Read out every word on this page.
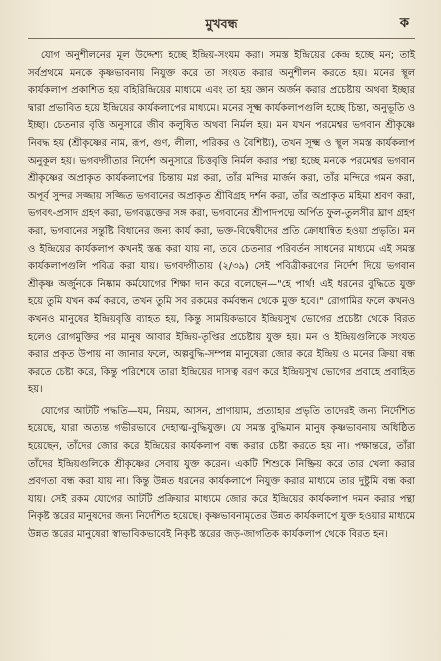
মুখবন্ধ	ক

যোগ অনুশীলনের মূল উদ্দেশ্য হচ্ছে ইন্দ্রিয়-সংযম করা। সমস্ত ইন্দ্রিয়ের কেন্দ্র হচ্ছে মন; তাই সর্বপ্রথমে মনকে কৃষ্ণভাবনায় নিযুক্ত করে তা সংযত করার অনুশীলন করতে হয়। মনের স্থূল কার্যকলাপ প্রকাশিত হয় বহিরিন্দ্রিয়ের মাধ্যমে এবং তা হয় জ্ঞান অর্জন করার প্রচেষ্টায় অথবা ইচ্ছার দ্বারা প্রভাবিত হয়ে ইন্দ্রিয়ের কার্যকলাপের মাধ্যমে। মনের সূক্ষ্ম কার্যকলাপগুলি হচ্ছে চিন্তা, অনুভূতি ও ইচ্ছা। চেতনার বৃত্তি অনুসারে জীব কলুষিত অথবা নির্মল হয়। মন যখন পরমেশ্বর ভগবান শ্রীকৃষ্ণে নিবদ্ধ হয় (শ্রীকৃষ্ণের নাম, রূপ, গুণ, লীলা, পরিকর ও বৈশিষ্ট্য), তখন সূক্ষ্ম ও স্থূল সমস্ত কার্যকলাপ অনুকূল হয়। ভগবদ্গীতার নির্দেশ অনুসারে চিত্তবৃত্তি নির্মল করার পন্থা হচ্ছে মনকে পরমেশ্বর ভগবান শ্রীকৃষ্ণের অপ্রাকৃত কার্যকলাপের চিন্তায় মগ্ন করা, তাঁর মন্দির মার্জন করা, তাঁর মন্দিরে গমন করা, অপূর্ব সুন্দর সজ্জায় সজ্জিত ভগবানের অপ্রাকৃত শ্রীবিগ্রহ দর্শন করা, তাঁর অপ্রাকৃত মহিমা শ্রবণ করা, ভগবৎ-প্রসাদ গ্রহণ করা, ভগবদ্ভক্তের সঙ্গ করা, ভগবানের শ্রীপাদপদ্মে অর্পিত ফুল-তুলসীর ঘ্রাণ গ্রহণ করা, ভগবানের সন্তুষ্টি বিধানের জন্য কার্য করা, ভক্ত-বিদ্বেষীদের প্রতি ক্রোধান্বিত হওয়া প্রভৃতি। মন ও ইন্দ্রিয়ের কার্যকলাপ কখনই স্তব্ধ করা যায় না, তবে চেতনার পরিবর্তন সাধনের মাধ্যমে এই সমস্ত কার্যকলাপগুলি পবিত্র করা যায়। ভগবদ্গীতায় (২/৩৯) সেই পবিত্রীকরণের নির্দেশ দিয়ে ভগবান শ্রীকৃষ্ণ অর্জুনকে নিষ্কাম কর্মযোগের শিক্ষা দান করে বলেছেন—"হে পার্থ! এই ধরনের বুদ্ধিতে যুক্ত হয়ে তুমি যখন কর্ম করবে, তখন তুমি সব রকমের কর্মবন্ধন থেকে মুক্ত হবে।" রোগামির ফলে কখনও কখনও মানুষের ইন্দ্রিয়বৃত্তি ব্যাহত হয়, কিন্তু সাময়িকভাবে ইন্দ্রিয়সুখ ভোগের প্রচেষ্টা থেকে বিরত হলেও রোগমুক্তির পর মানুষ আবার ইন্দ্রিয়-তৃপ্তির প্রচেষ্টায় যুক্ত হয়। মন ও ইন্দ্রিয়গুলিকে সংযত করার প্রকৃত উপায় না জানার ফলে, অল্পবুদ্ধি-সম্পন্ন মানুষেরা জোর করে ইন্দ্রিয় ও মনের ক্রিয়া বন্ধ করতে চেষ্টা করে, কিন্তু পরিশেষে তারা ইন্দ্রিয়ের দাসত্ব বরণ করে ইন্দ্রিয়সুখ ভোগের প্রবাহে প্রবাহিত হয়।

যোগের আটটি পদ্ধতি—যম, নিয়ম, আসন, প্রাণায়াম, প্রত্যাহার প্রভৃতি তাদেরই জন্য নির্দেশিত হয়েছে, যারা অত্যন্ত গভীরভাবে দেহাত্ম-বুদ্ধিযুক্ত। যে সমস্ত বুদ্ধিমান মানুষ কৃষ্ণভাবনায় অধিষ্ঠিত হয়েছেন, তাঁদের জোর করে ইন্দ্রিয়ের কার্যকলাপ বন্ধ করার চেষ্টা করতে হয় না। পক্ষান্তরে, তাঁরা তাঁদের ইন্দ্রিয়গুলিকে শ্রীকৃষ্ণের সেবায় যুক্ত করেন। একটি শিশুকে নিষ্ক্রিয় করে তার খেলা করার প্রবণতা বন্ধ করা যায় না। কিন্তু উন্নত ধরনের কার্যকলাপে নিযুক্ত করার মাধ্যমে তার দুষ্টুমি বন্ধ করা যায়। সেই রকম যোগের আটটি প্রক্রিয়ার মাধ্যমে জোর করে ইন্দ্রিয়ের কার্যকলাপ দমন করার পন্থা নিকৃষ্ট স্তরের মানুষদের জন্য নির্দেশিত হয়েছে। কৃষ্ণভাবনামৃতের উন্নত কার্যকলাপে যুক্ত হওয়ার মাধ্যমে উন্নত স্তরের মানুষেরা স্বাভাবিকভাবেই নিকৃষ্ট স্তরের জড়-জাগতিক কার্যকলাপ থেকে বিরত হন।
